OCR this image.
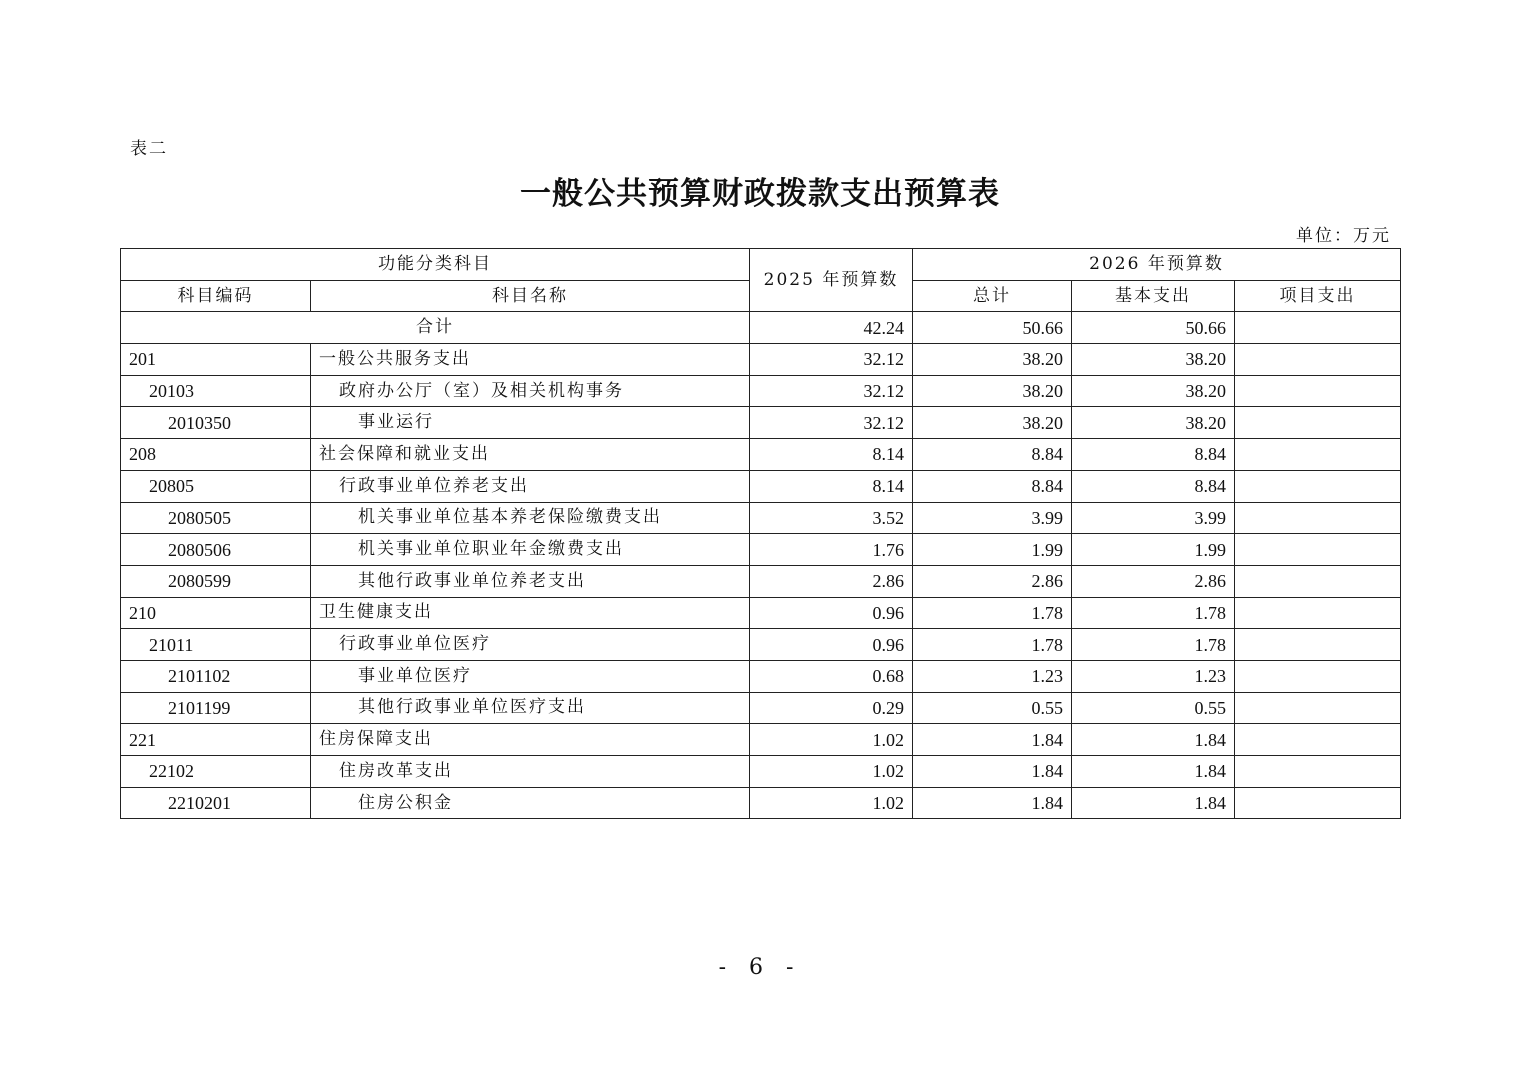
表二
一般公共预算财政拨款支出预算表
单位：万元
功能分类科目		2025 年预算数	2026 年预算数		
科目编码	科目名称		总计	基本支出	项目支出
合计		42.24	50.66	50.66	
201	一般公共服务支出	32.12	38.20	38.20	
20103	政府办公厅（室）及相关机构事务	32.12	38.20	38.20	
2010350	事业运行	32.12	38.20	38.20	
208	社会保障和就业支出	8.14	8.84	8.84	
20805	行政事业单位养老支出	8.14	8.84	8.84	
2080505	机关事业单位基本养老保险缴费支出	3.52	3.99	3.99	
2080506	机关事业单位职业年金缴费支出	1.76	1.99	1.99	
2080599	其他行政事业单位养老支出	2.86	2.86	2.86	
210	卫生健康支出	0.96	1.78	1.78	
21011	行政事业单位医疗	0.96	1.78	1.78	
2101102	事业单位医疗	0.68	1.23	1.23	
2101199	其他行政事业单位医疗支出	0.29	0.55	0.55	
221	住房保障支出	1.02	1.84	1.84	
22102	住房改革支出	1.02	1.84	1.84	
2210201	住房公积金	1.02	1.84	1.84	
- 6 -
